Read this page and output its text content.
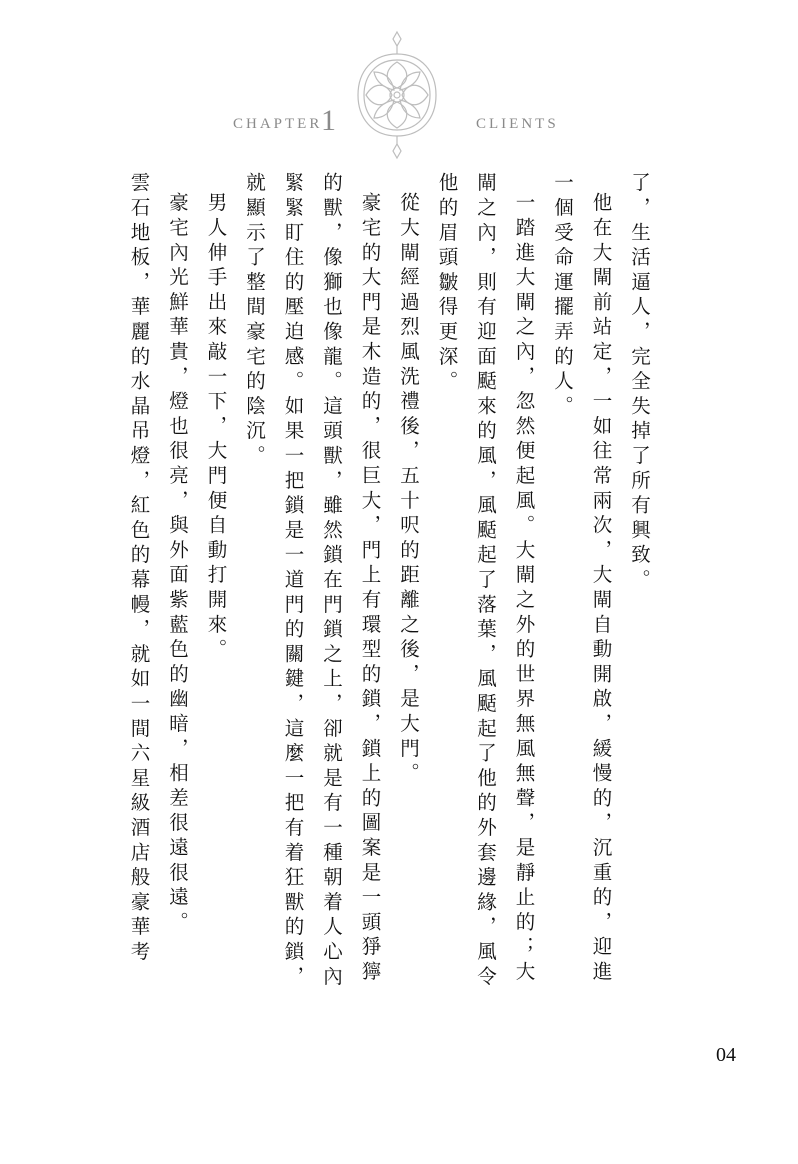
CHAPTER
1	CLIENTS

了，生活逼人，完全失掉了所有興致。

他在大閘前站定，一如往常兩次，大閘自動開啟，緩慢的，沉重的，迎進一個受命運擺弄的人。

一踏進大閘之內，忽然便起風。大閘之外的世界無風無聲，是靜止的；大閘之內，則有迎面颳來的風，風颳起了落葉，風颳起了他的外套邊緣，風令他的眉頭皺得更深。

從大閘經過烈風洗禮後，五十呎的距離之後，是大門。

豪宅的大門是木造的，很巨大，門上有環型的鎖，鎖上的圖案是一頭猙獰的獸，像獅也像龍。這頭獸，雖然鎖在門鎖之上，卻就是有一種朝着人心內緊緊盯住的壓迫感。如果一把鎖是一道門的關鍵，這麼一把有着狂獸的鎖，就顯示了整間豪宅的陰沉。

男人伸手出來敲一下，大門便自動打開來。

豪宅內光鮮華貴，燈也很亮，與外面紫藍色的幽暗，相差很遠很遠。

雲石地板，華麗的水晶吊燈，紅色的幕幔，就如一間六星級酒店般豪華考

04
